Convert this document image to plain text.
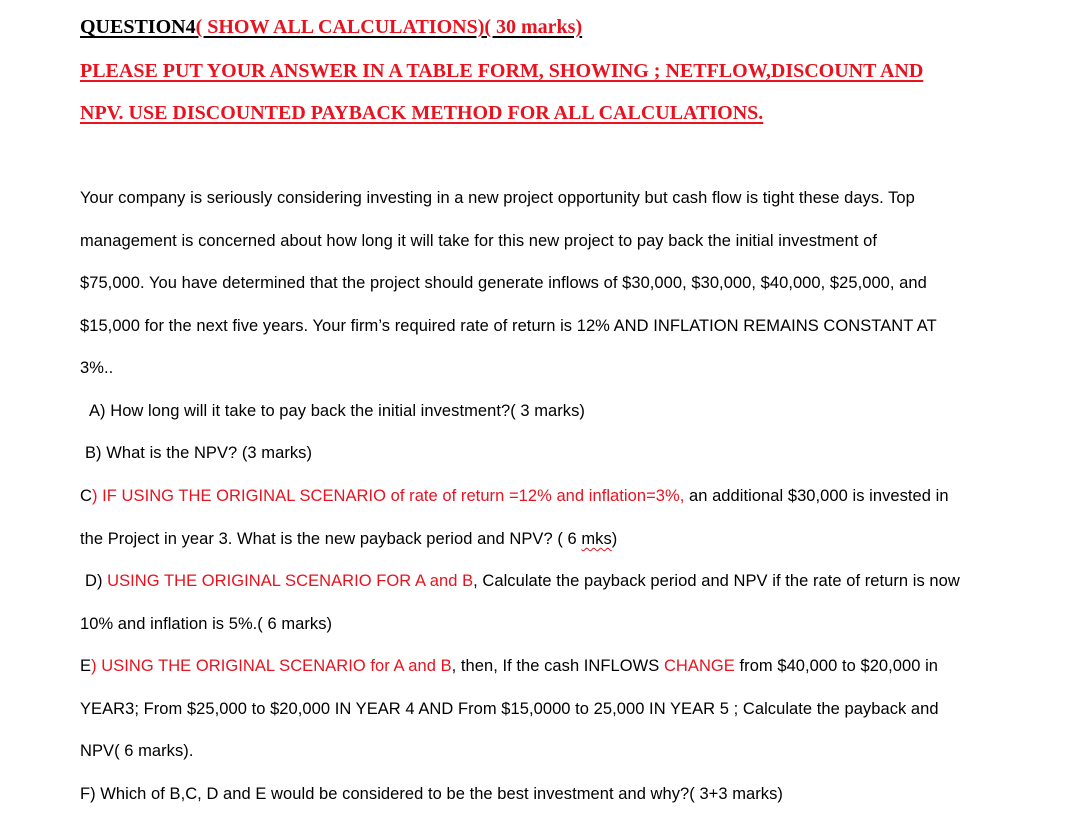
QUESTION4( SHOW ALL CALCULATIONS)( 30 marks)
PLEASE PUT YOUR ANSWER IN A TABLE FORM, SHOWING ; NETFLOW,DISCOUNT AND
NPV. USE DISCOUNTED PAYBACK METHOD FOR ALL CALCULATIONS.
Your company is seriously considering investing in a new project opportunity but cash flow is tight these days. Top
management is concerned about how long it will take for this new project to pay back the initial investment of
$75,000. You have determined that the project should generate inflows of $30,000, $30,000, $40,000, $25,000, and
$15,000 for the next five years. Your firm’s required rate of return is 12% AND INFLATION REMAINS CONSTANT AT
3%..
A) How long will it take to pay back the initial investment?( 3 marks)
B) What is the NPV? (3 marks)
C) IF USING THE ORIGINAL SCENARIO of rate of return =12% and inflation=3%, an additional $30,000 is invested in
the Project in year 3. What is the new payback period and NPV? ( 6 mks)
D) USING THE ORIGINAL SCENARIO FOR A and B, Calculate the payback period and NPV if the rate of return is now
10% and inflation is 5%.( 6 marks)
E) USING THE ORIGINAL SCENARIO for A and B, then, If the cash INFLOWS CHANGE from $40,000 to $20,000 in
YEAR3; From $25,000 to $20,000 IN YEAR 4 AND From $15,0000 to 25,000 IN YEAR 5 ; Calculate the payback and
NPV( 6 marks).
F) Which of B,C, D and E would be considered to be the best investment and why?( 3+3 marks)
